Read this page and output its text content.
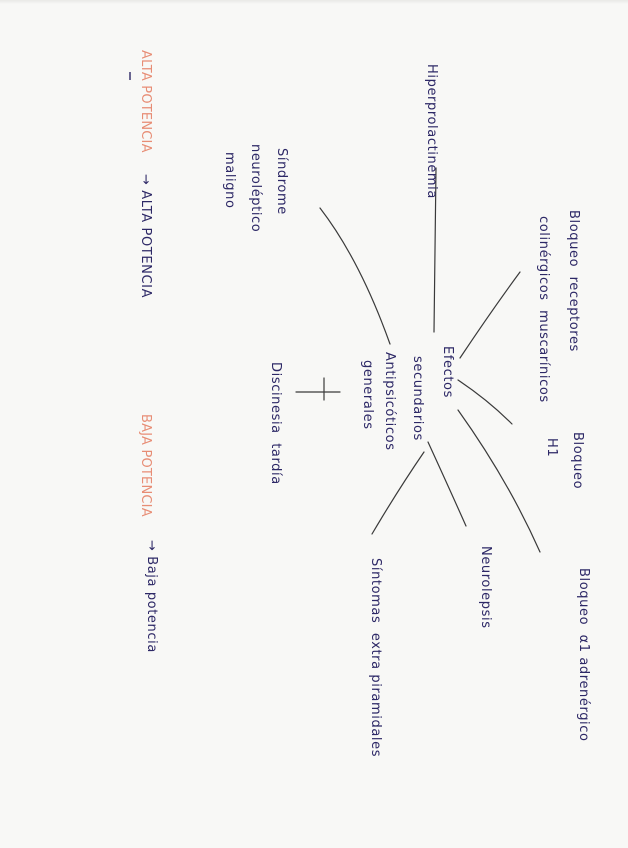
Efectos
secundarios
Antipsicóticos
generales
Bloqueo  receptores
colinérgicos  muscarínicos
Bloqueo
H1
Bloqueo  α1 adrenérgico
Neurolepsis
Síntomas  extra piramidales
Discinesia  tardía
Síndrome
neuroléptico
maligno	Hiperprolactinemia
ALTA POTENCIA
→ ALTA POTENCIA
BAJA POTENCIA
→ Baja potencia
